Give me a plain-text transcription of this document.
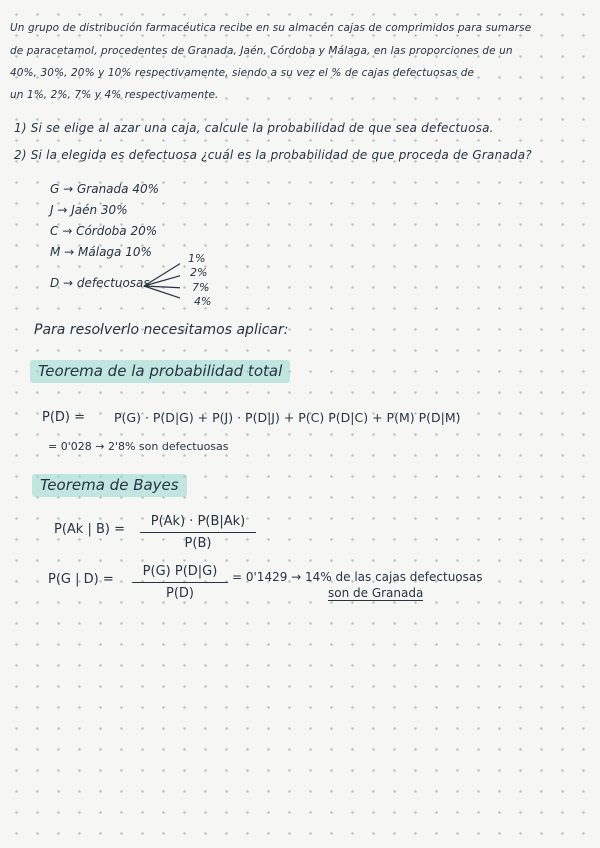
Un grupo de distribución farmacéutica recibe en su almacén cajas de comprimidos para sumarse
de paracetamol, procedentes de Granada, Jaén, Córdoba y Málaga, en las proporciones de un
40%, 30%, 20% y 10% respectivamente, siendo a su vez el % de cajas defectuosas de
un 1%, 2%, 7% y 4% respectivamente.
1) Si se elige al azar una caja, calcule la probabilidad de que sea defectuosa.
2) Si la elegida es defectuosa ¿cuál es la probabilidad de que proceda de Granada?
G → Granada 40%
J → Jaén 30%
C → Córdoba 20%
M → Málaga 10%
D → defectuosas
1%
2%
7%
4%
Para resolverlo necesitamos aplicar:
Teorema de la probabilidad total
P(D) = P(G) · P(D|G) + P(J) · P(D|J) + P(C) P(D|C) + P(M) P(D|M)
= 0'028 → 2'8% son defectuosas
Teorema de Bayes
P(Ak | $B) = \frac{P(Ak) \cdot P(B|Ak)}{P(B)}$
P(G | $D) = \frac{P(G) P(D|G)}{P(D)} = 0'1429 \to 14\%$ de las cajas defectuosas
son de Granada
